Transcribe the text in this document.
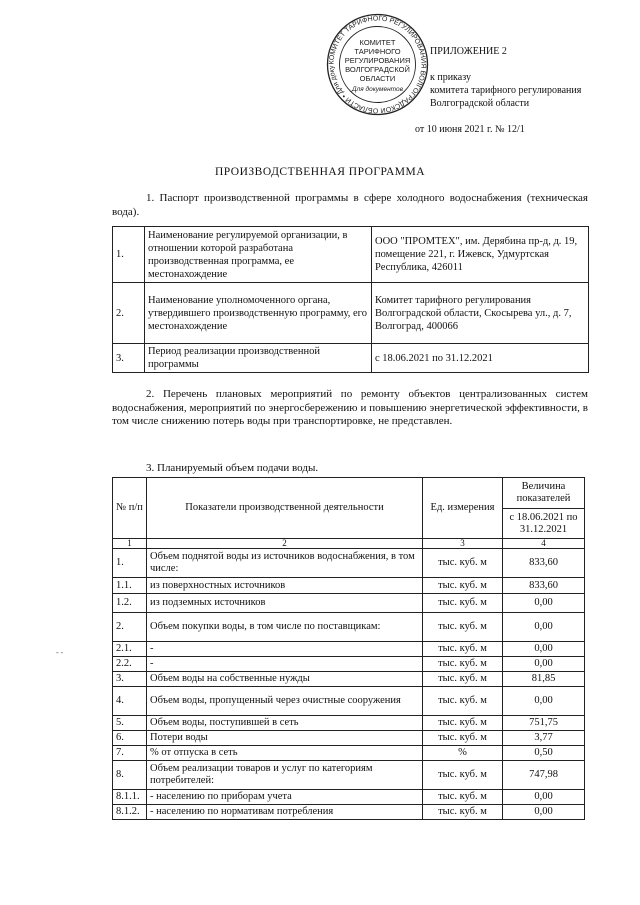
КОМИТЕТ ТАРИФНОГО РЕГУЛИРОВАНИЯ ВОЛГОГРАДСКОЙ ОБЛАСТИ • Для доку
КОМИТЕТ
ТАРИФНОГО
РЕГУЛИРОВАНИЯ
ВОЛГОГРАДСКОЙ
ОБЛАСТИ
Для документов
ПРИЛОЖЕНИЕ 2
к приказу
комитета тарифного регулирования
Волгоградской области
от 10 июня 2021 г. № 12/1
ПРОИЗВОДСТВЕННАЯ ПРОГРАММА
1. Паспорт производственной программы в сфере холодного водоснабжения (техническая вода).
1.	Наименование регулируемой организации, в отношении которой разработана производственная программа, ее местонахождение	ООО "ПРОМТЕХ", им. Дерябина пр-д, д. 19, помещение 221, г. Ижевск, Удмуртская Республика, 426011
2.	Наименование уполномоченного органа, утвердившего производственную программу, его местонахождение	Комитет тарифного регулирования Волгоградской области, Скосырева ул., д. 7, Волгоград, 400066
3.	Период реализации производственной программы	с 18.06.2021 по 31.12.2021
2. Перечень плановых мероприятий по ремонту объектов централизованных систем водоснабжения, мероприятий по энергосбережению и повышению энергетической эффективности, в том числе снижению потерь воды при транспортировке, не представлен.
3. Планируемый объем подачи воды.
- -
№ п/п	Показатели производственной деятельности	Ед. измерения	Величина показателей
			с 18.06.2021 по 31.12.2021
1	2	3	4
1.	Объем поднятой воды из источников водоснабжения, в том числе:	тыс. куб. м	833,60
1.1.	из поверхностных источников	тыс. куб. м	833,60
1.2.	из подземных источников	тыс. куб. м	0,00
2.	Объем покупки воды, в том числе по поставщикам:	тыс. куб. м	0,00
2.1.	-	тыс. куб. м	0,00
2.2.	-	тыс. куб. м	0,00
3.	Объем воды на собственные нужды	тыс. куб. м	81,85
4.	Объем воды, пропущенный через очистные сооружения	тыс. куб. м	0,00
5.	Объем воды, поступившей в сеть	тыс. куб. м	751,75
6.	Потери воды	тыс. куб. м	3,77
7.	% от отпуска в сеть	%	0,50
8.	Объем реализации товаров и услуг по категориям потребителей:	тыс. куб. м	747,98
8.1.1.	- населению по приборам учета	тыс. куб. м	0,00
8.1.2.	- населению по нормативам потребления	тыс. куб. м	0,00
